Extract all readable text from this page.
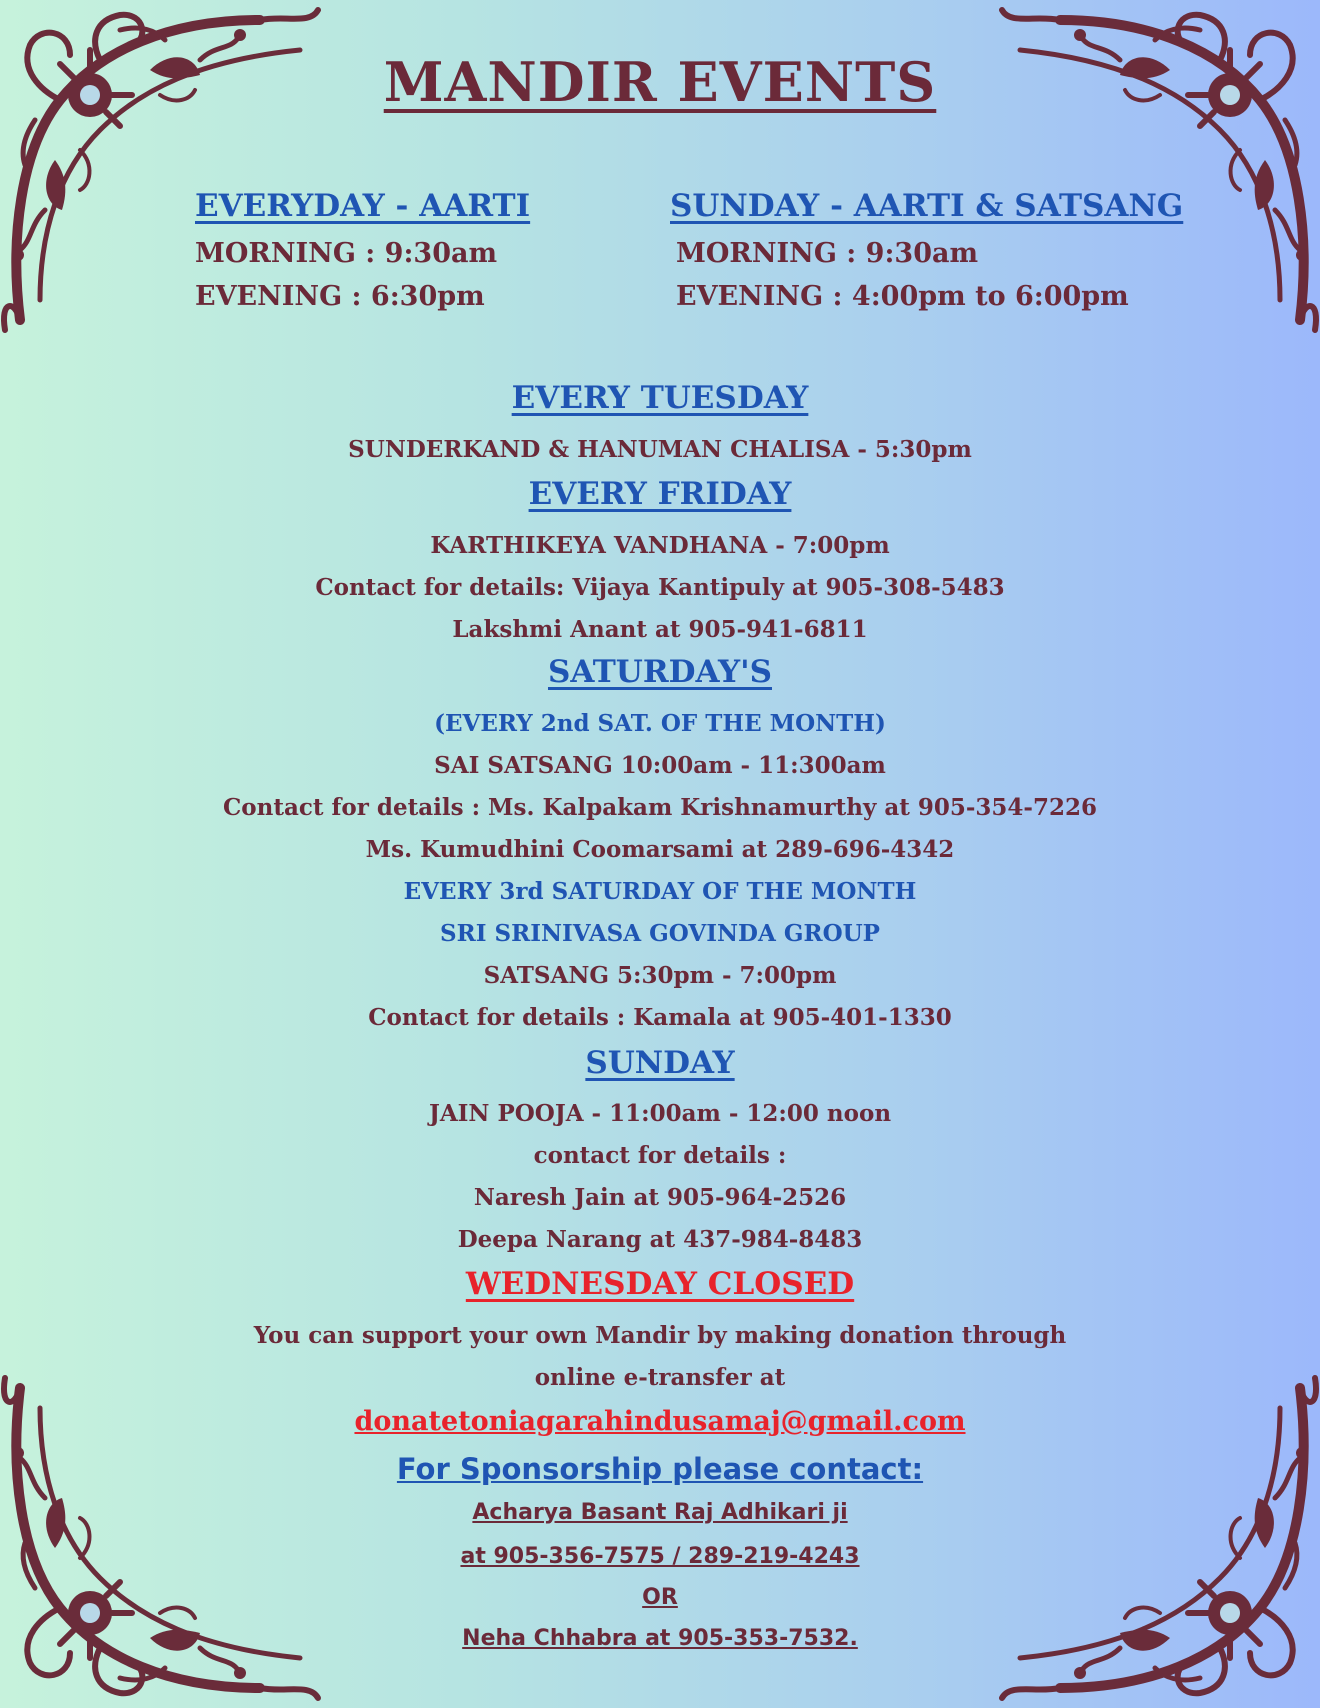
MANDIR EVENTS
EVERYDAY - AARTI
MORNING : 9:30am
EVENING : 6:30pm
SUNDAY - AARTI & SATSANG
MORNING : 9:30am
EVENING : 4:00pm to 6:00pm
EVERY TUESDAY
SUNDERKAND & HANUMAN CHALISA - 5:30pm
EVERY FRIDAY
KARTHIKEYA VANDHANA - 7:00pm
Contact for details: Vijaya Kantipuly at 905-308-5483
Lakshmi Anant at 905-941-6811
SATURDAY'S
(EVERY 2nd SAT. OF THE MONTH)
SAI SATSANG 10:00am - 11:300am
Contact for details : Ms. Kalpakam Krishnamurthy at 905-354-7226
Ms. Kumudhini Coomarsami at 289-696-4342
EVERY 3rd SATURDAY OF THE MONTH
SRI SRINIVASA GOVINDA GROUP
SATSANG 5:30pm - 7:00pm
Contact for details : Kamala at 905-401-1330
SUNDAY
JAIN POOJA - 11:00am - 12:00 noon
contact for details :
Naresh Jain at 905-964-2526
Deepa Narang at 437-984-8483
WEDNESDAY CLOSED
You can support your own Mandir by making donation through
online e-transfer at
donatetoniagarahindusamaj@gmail.com
For Sponsorship please contact:
Acharya Basant Raj Adhikari ji
at 905-356-7575 / 289-219-4243
OR
Neha Chhabra at 905-353-7532.
